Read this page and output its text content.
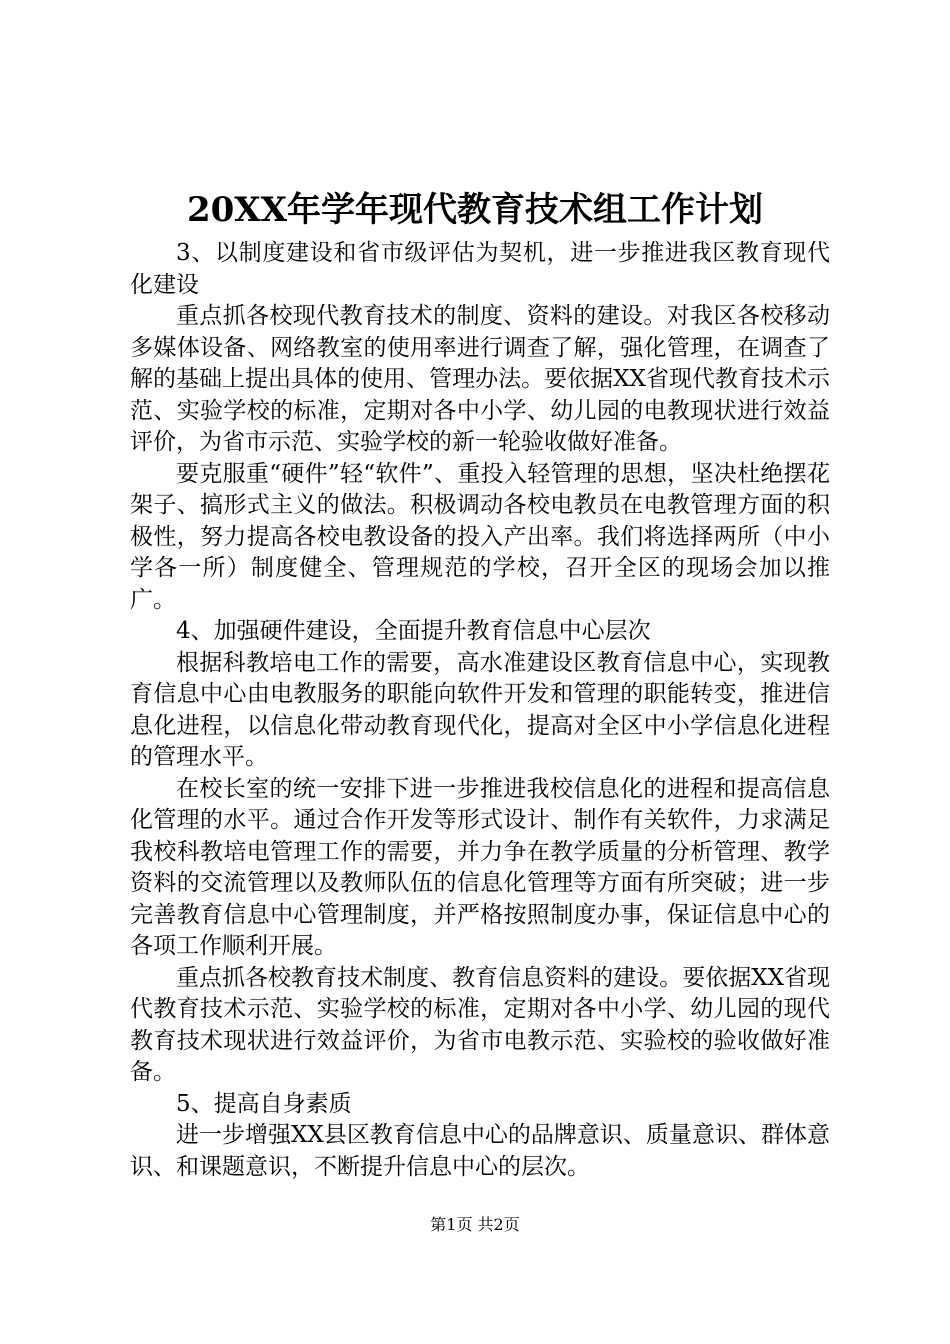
20XX年学年现代教育技术组工作计划

3、以制度建设和省市级评估为契机，进一步推进我区教育现代化建设

重点抓各校现代教育技术的制度、资料的建设。对我区各校移动多媒体设备、网络教室的使用率进行调查了解，强化管理，在调查了解的基础上提出具体的使用、管理办法。要依据XX省现代教育技术示范、实验学校的标准，定期对各中小学、幼儿园的电教现状进行效益评价，为省市示范、实验学校的新一轮验收做好准备。

要克服重“硬件”轻“软件”、重投入轻管理的思想，坚决杜绝摆花架子、搞形式主义的做法。积极调动各校电教员在电教管理方面的积极性，努力提高各校电教设备的投入产出率。我们将选择两所（中小学各一所）制度健全、管理规范的学校，召开全区的现场会加以推广。

4、加强硬件建设，全面提升教育信息中心层次

根据科教培电工作的需要，高水准建设区教育信息中心，实现教育信息中心由电教服务的职能向软件开发和管理的职能转变，推进信息化进程，以信息化带动教育现代化，提高对全区中小学信息化进程的管理水平。

在校长室的统一安排下进一步推进我校信息化的进程和提高信息化管理的水平。通过合作开发等形式设计、制作有关软件，力求满足我校科教培电管理工作的需要，并力争在教学质量的分析管理、教学资料的交流管理以及教师队伍的信息化管理等方面有所突破；进一步完善教育信息中心管理制度，并严格按照制度办事，保证信息中心的各项工作顺利开展。

重点抓各校教育技术制度、教育信息资料的建设。要依据XX省现代教育技术示范、实验学校的标准，定期对各中小学、幼儿园的现代教育技术现状进行效益评价，为省市电教示范、实验校的验收做好准备。

5、提高自身素质

进一步增强XX县区教育信息中心的品牌意识、质量意识、群体意识、和课题意识，不断提升信息中心的层次。

第1页 共2页
